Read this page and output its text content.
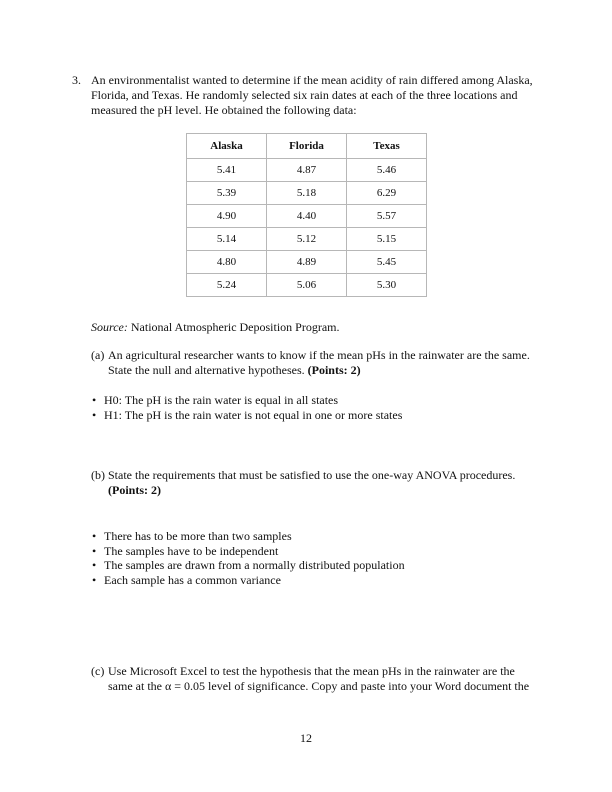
3. An environmentalist wanted to determine if the mean acidity of rain differed among Alaska,
Florida, and Texas. He randomly selected six rain dates at each of the three locations and
measured the pH level. He obtained the following data:
Alaska	Florida	Texas
5.41	4.87	5.46
5.39	5.18	6.29
4.90	4.40	5.57
5.14	5.12	5.15
4.80	4.89	5.45
5.24	5.06	5.30
Source: National Atmospheric Deposition Program.
(a) An agricultural researcher wants to know if the mean pHs in the rainwater are the same.
State the null and alternative hypotheses. (Points: 2)
• H0: The pH is the rain water is equal in all states
• H1: The pH is the rain water is not equal in one or more states
(b) State the requirements that must be satisfied to use the one-way ANOVA procedures.
(Points: 2)
• There has to be more than two samples
• The samples have to be independent
• The samples are drawn from a normally distributed population
• Each sample has a common variance
(c) Use Microsoft Excel to test the hypothesis that the mean pHs in the rainwater are the
same at the α = 0.05 level of significance. Copy and paste into your Word document the
12
